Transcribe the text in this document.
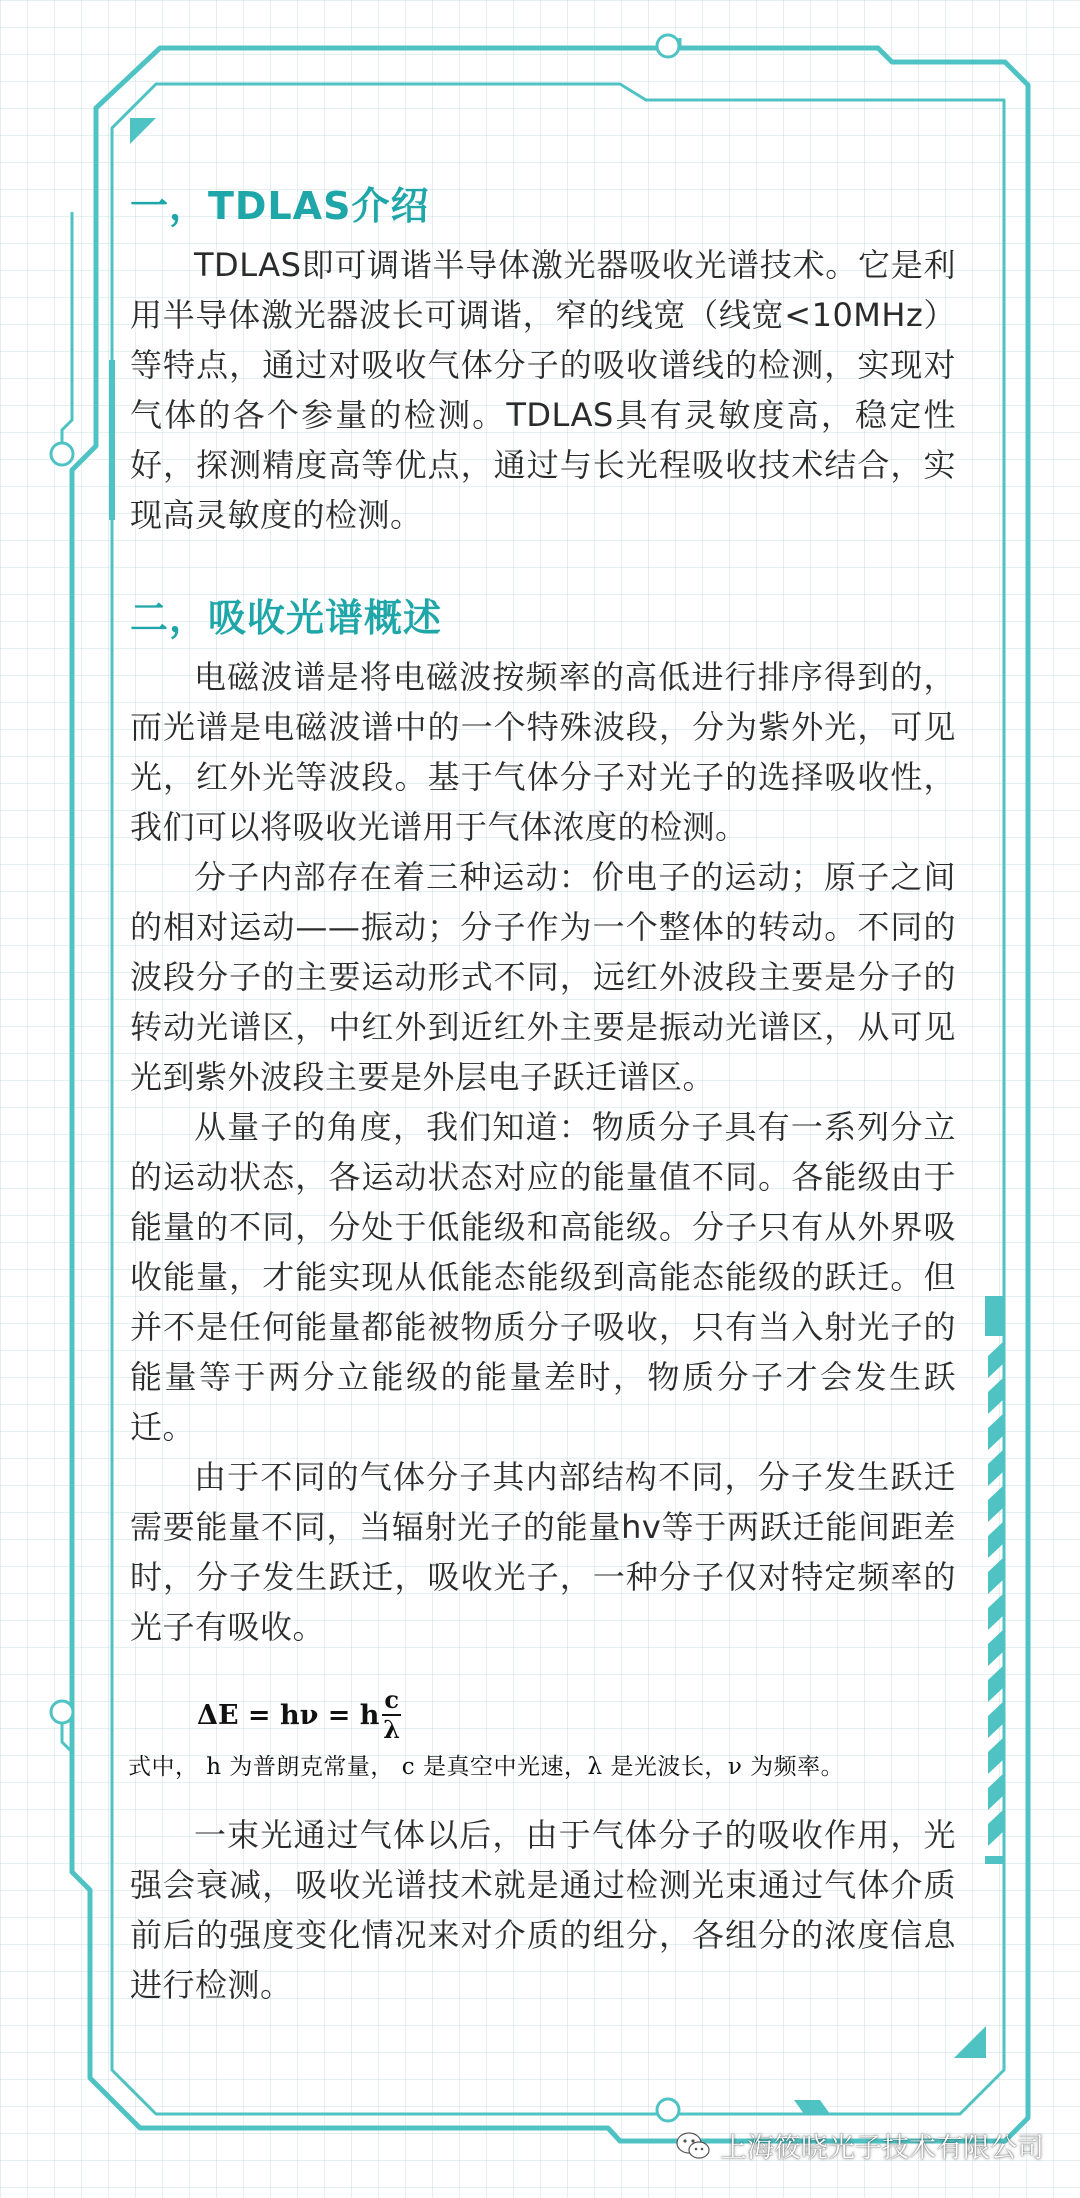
一，TDLAS介绍

TDLAS即可调谐半导体激光器吸收光谱技术。它是利用半导体激光器波长可调谐，窄的线宽（线宽<10MHz）等特点，通过对吸收气体分子的吸收谱线的检测，实现对气体的各个参量的检测。TDLAS具有灵敏度高，稳定性好，探测精度高等优点，通过与长光程吸收技术结合，实现高灵敏度的检测。

二，吸收光谱概述

电磁波谱是将电磁波按频率的高低进行排序得到的，而光谱是电磁波谱中的一个特殊波段，分为紫外光，可见光，红外光等波段。基于气体分子对光子的选择吸收性，我们可以将吸收光谱用于气体浓度的检测。

分子内部存在着三种运动：价电子的运动；原子之间的相对运动——振动；分子作为一个整体的转动。不同的波段分子的主要运动形式不同，远红外波段主要是分子的转动光谱区，中红外到近红外主要是振动光谱区，从可见光到紫外波段主要是外层电子跃迁谱区。

从量子的角度，我们知道：物质分子具有一系列分立的运动状态，各运动状态对应的能量值不同。各能级由于能量的不同，分处于低能级和高能级。分子只有从外界吸收能量，才能实现从低能态能级到高能态能级的跃迁。但并不是任何能量都能被物质分子吸收，只有当入射光子的能量等于两分立能级的能量差时，物质分子才会发生跃迁。

由于不同的气体分子其内部结构不同，分子发生跃迁需要能量不同，当辐射光子的能量hv等于两跃迁能间距差时，分子发生跃迁，吸收光子，一种分子仅对特定频率的光子有吸收。

ΔE = hν = h $\frac{c}{\lambda}$
式中， h 为普朗克常量， c 是真空中光速，λ 是光波长，ν 为频率。

一束光通过气体以后，由于气体分子的吸收作用，光强会衰减，吸收光谱技术就是通过检测光束通过气体介质前后的强度变化情况来对介质的组分，各组分的浓度信息进行检测。

上海筱晓光子技术有限公司
